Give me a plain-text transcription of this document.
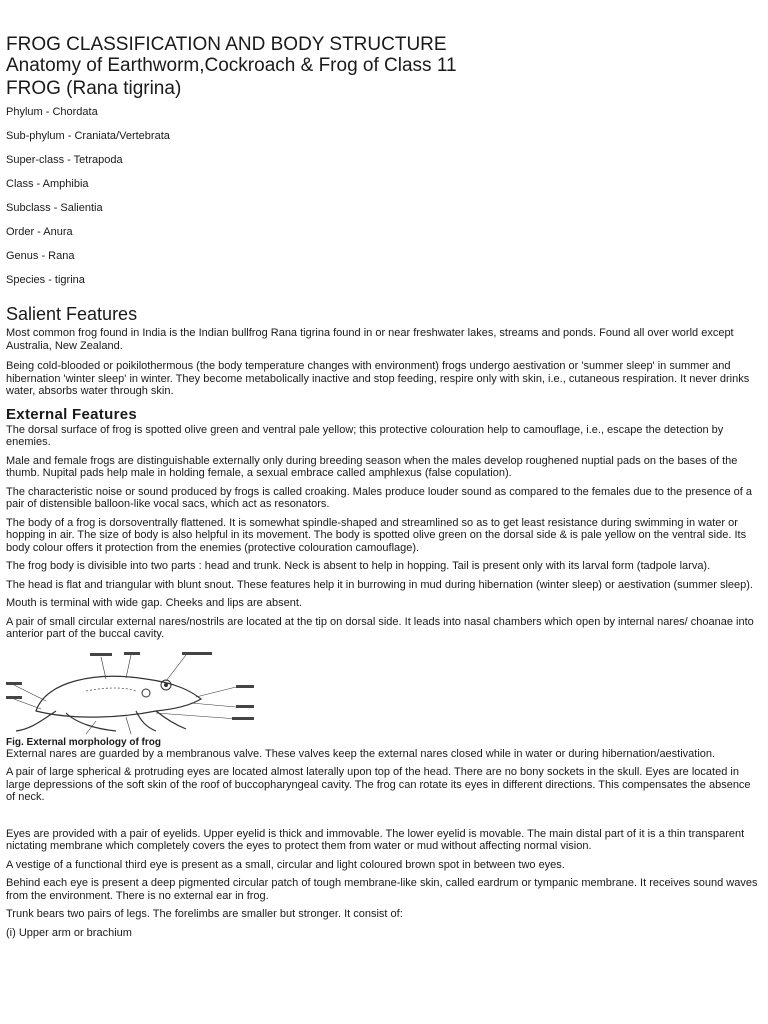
FROG CLASSIFICATION AND BODY STRUCTURE
Anatomy of Earthworm,Cockroach & Frog of Class 11
FROG (Rana tigrina)

Phylum - Chordata

Sub-phylum - Craniata/Vertebrata

Super-class - Tetrapoda

Class - Amphibia

Subclass - Salientia

Order - Anura

Genus - Rana

Species - tigrina

Salient Features

Most common frog found in India is the Indian bullfrog Rana tigrina found in or near freshwater lakes, streams and ponds. Found all over world except Australia, New Zealand.

Being cold-blooded or poikilothermous (the body temperature changes with environment) frogs undergo aestivation or 'summer sleep' in summer and hibernation 'winter sleep' in winter. They become metabolically inactive and stop feeding, respire only with skin, i.e., cutaneous respiration. It never drinks water, absorbs water through skin.

External Features

The dorsal surface of frog is spotted olive green and ventral pale yellow; this protective colouration help to camouflage, i.e., escape the detection by enemies.

Male and female frogs are distinguishable externally only during breeding season when the males develop roughened nuptial pads on the bases of the thumb. Nupital pads help male in holding female, a sexual embrace called amphlexus (false copulation).

The characteristic noise or sound produced by frogs is called croaking. Males produce louder sound as compared to the females due to the presence of a pair of distensible balloon-like vocal sacs, which act as resonators.

The body of a frog is dorsoventrally flattened. It is somewhat spindle-shaped and streamlined so as to get least resistance during swimming in water or hopping in air. The size of body is also helpful in its movement. The body is spotted olive green on the dorsal side & is pale yellow on the ventral side. Its body colour offers it protection from the enemies (protective colouration camouflage).

The frog body is divisible into two parts : head and trunk. Neck is absent to help in hopping. Tail is present only with its larval form (tadpole larva).

The head is flat and triangular with blunt snout. These features help it in burrowing in mud during hibernation (winter sleep) or aestivation (summer sleep).

Mouth is terminal with wide gap. Cheeks and lips are absent.

A pair of small circular external nares/nostrils are located at the tip on dorsal side. It leads into nasal chambers which open by internal nares/ choanae into anterior part of the buccal cavity.

Fig. External morphology of frog

External nares are guarded by a membranous valve. These valves keep the external nares closed while in water or during hibernation/aestivation.

A pair of large spherical & protruding eyes are located almost laterally upon top of the head. There are no bony sockets in the skull. Eyes are located in large depressions of the soft skin of the roof of buccopharyngeal cavity. The frog can rotate its eyes in different directions. This compensates the absence of neck.

Eyes are provided with a pair of eyelids. Upper eyelid is thick and immovable. The lower eyelid is movable. The main distal part of it is a thin transparent nictating membrane which completely covers the eyes to protect them from water or mud without affecting normal vision.

A vestige of a functional third eye is present as a small, circular and light coloured brown spot in between two eyes.

Behind each eye is present a deep pigmented circular patch of tough membrane-like skin, called eardrum or tympanic membrane. It receives sound waves from the environment. There is no external ear in frog.

Trunk bears two pairs of legs. The forelimbs are smaller but stronger. It consist of:

(i) Upper arm or brachium
